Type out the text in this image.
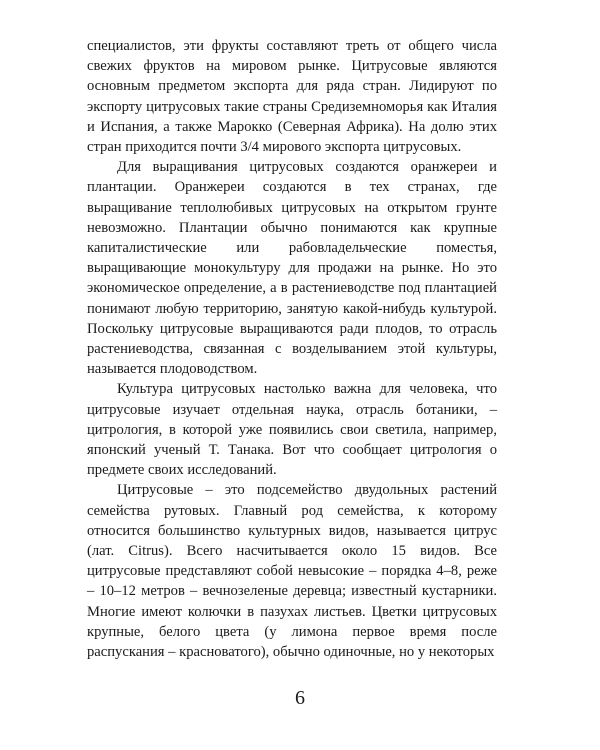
специалистов, эти фрукты составляют треть от общего числа свежих фруктов на мировом рынке. Цитрусовые являются основным предметом экспорта для ряда стран. Лидируют по экспорту цитрусовых такие страны Средиземноморья как Италия и Испания, а также Марокко (Северная Африка). На долю этих стран приходится почти 3/4 мирового экспорта цитрусовых.

Для выращивания цитрусовых создаются оранжереи и плантации. Оранжереи создаются в тех странах, где выращивание теплолюбивых цитрусовых на открытом грунте невозможно. Плантации обычно понимаются как крупные капиталистические или рабовладельческие поместья, выращивающие монокультуру для продажи на рынке. Но это экономическое определение, а в растениеводстве под плантацией понимают любую территорию, занятую какой-нибудь культурой. Поскольку цитрусовые выращиваются ради плодов, то отрасль растениеводства, связанная с возделыванием этой культуры, называется плодоводством.

Культура цитрусовых настолько важна для человека, что цитрусовые изучает отдельная наука, отрасль ботаники, – цитрология, в которой уже появились свои светила, например, японский ученый Т. Танака. Вот что сообщает цитрология о предмете своих исследований.

Цитрусовые – это подсемейство двудольных растений семейства рутовых. Главный род семейства, к которому относится большинство культурных видов, называется цитрус (лат. Citrus). Всего насчитывается около 15 видов. Все цитрусовые представляют собой невысокие – порядка 4–8, реже – 10–12 метров – вечнозеленые деревца; известный кустарники. Многие имеют колючки в пазухах листьев. Цветки цитрусовых крупные, белого цвета (у лимона первое время после распускания – красноватого), обычно одиночные, но у некоторых

6
